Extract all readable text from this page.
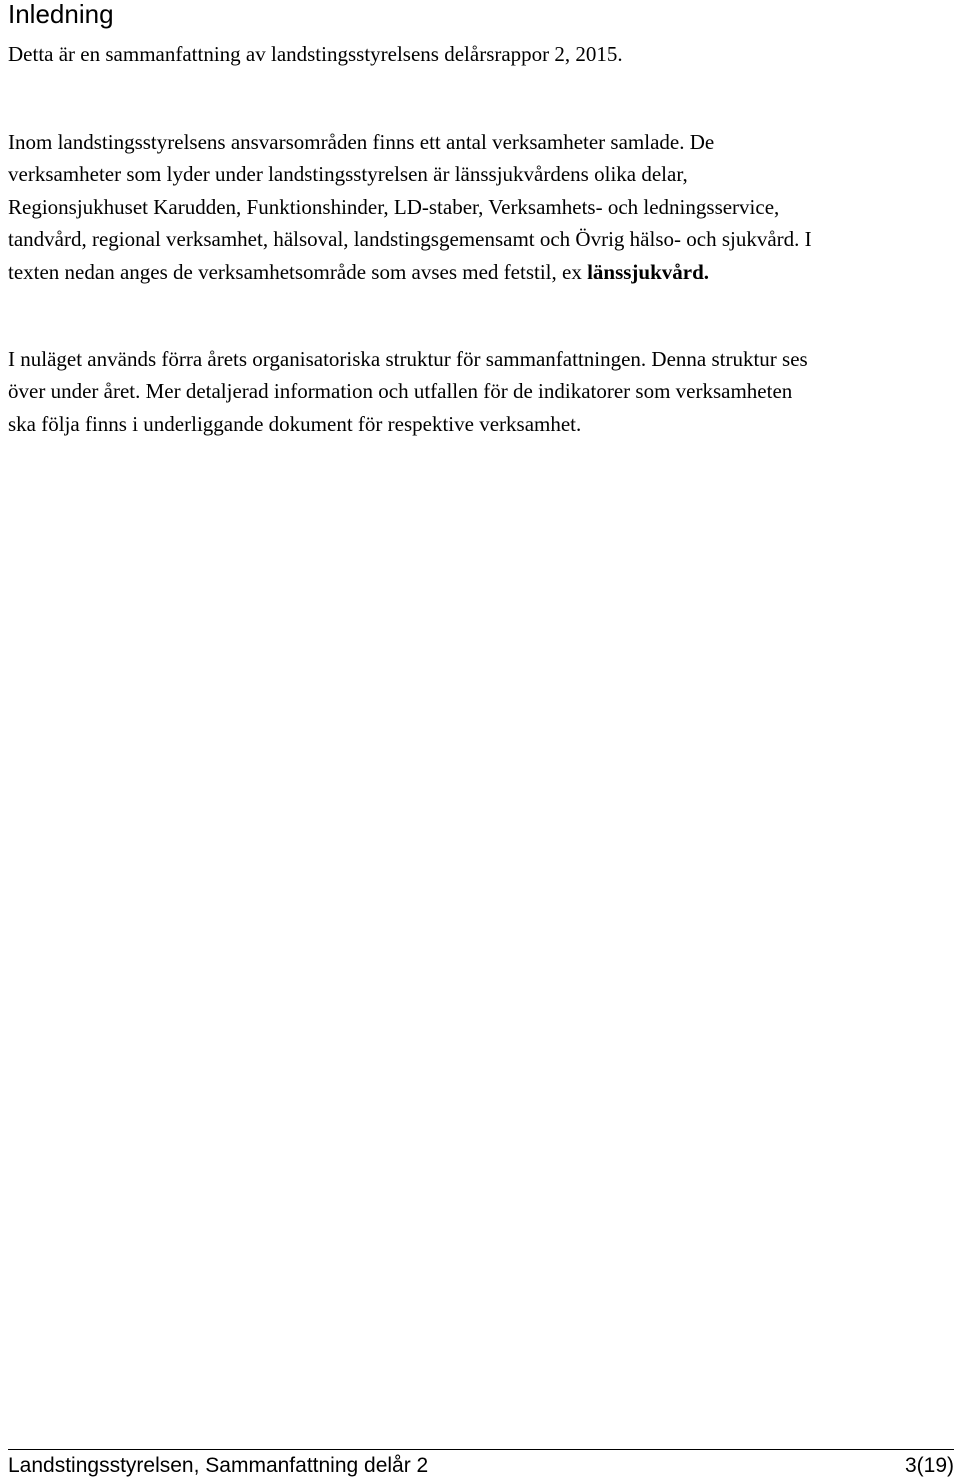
Inledning

Detta är en sammanfattning av landstingsstyrelsens delårsrappor 2, 2015.

Inom landstingsstyrelsens ansvarsområden finns ett antal verksamheter samlade. De
verksamheter som lyder under landstingsstyrelsen är länssjukvårdens olika delar,
Regionsjukhuset Karudden, Funktionshinder, LD-staber, Verksamhets- och ledningsservice,
tandvård, regional verksamhet, hälsoval, landstingsgemensamt och Övrig hälso- och sjukvård. I
texten nedan anges de verksamhetsområde som avses med fetstil, ex länssjukvård.

I nuläget används förra årets organisatoriska struktur för sammanfattningen. Denna struktur ses
över under året. Mer detaljerad information och utfallen för de indikatorer som verksamheten
ska följa finns i underliggande dokument för respektive verksamhet.

Landstingsstyrelsen, Sammanfattning delår 2	3(19)
